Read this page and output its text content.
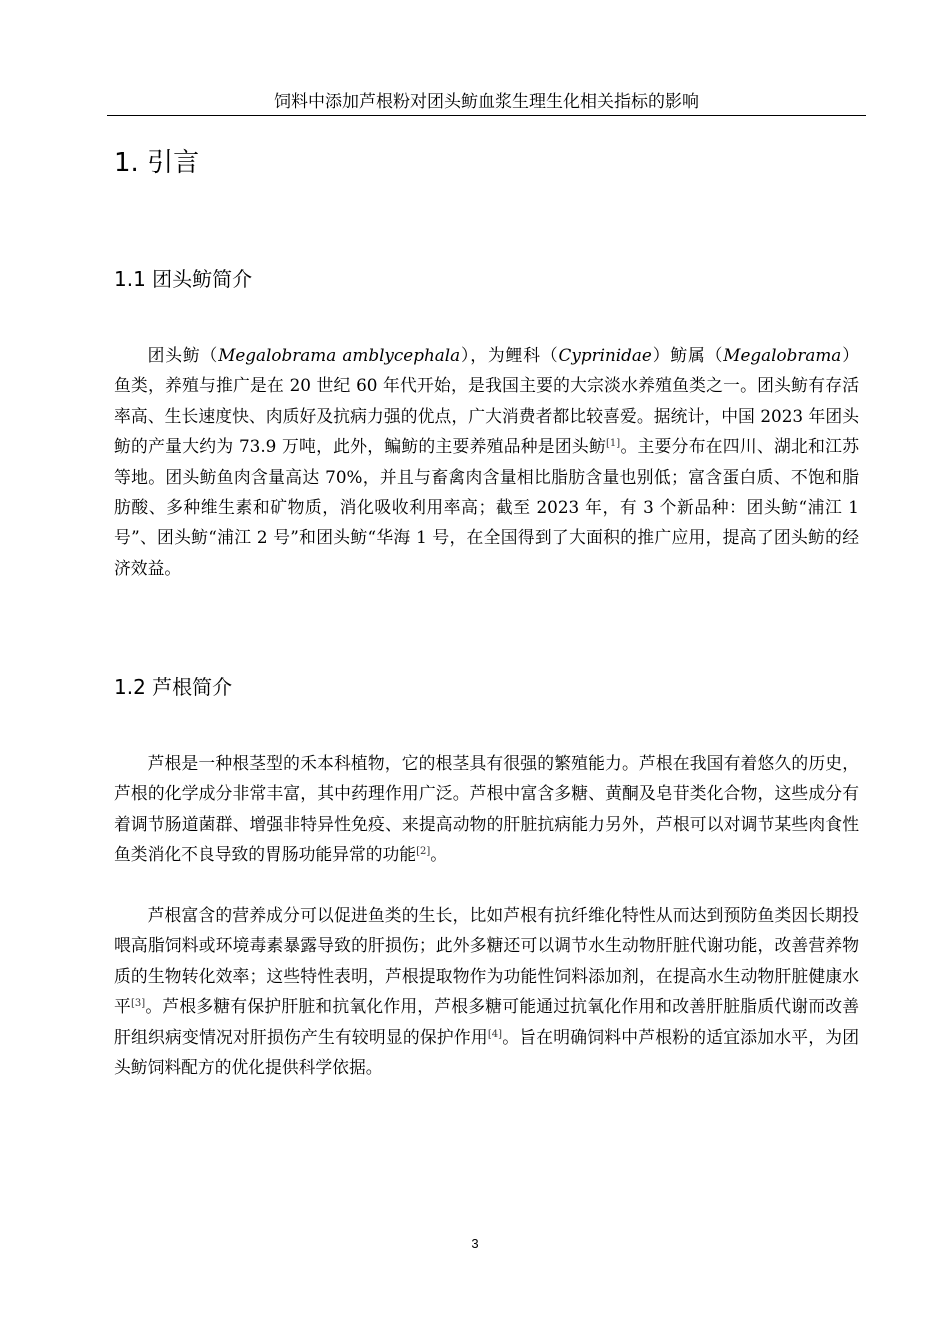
饲料中添加芦根粉对团头鲂血浆生理生化相关指标的影响
1. 引言
1.1 团头鲂简介

团头鲂（Megalobrama amblycephala），为鲤科（Cyprinidae）鲂属（Megalobrama）鱼类，养殖与推广是在 20 世纪 60 年代开始，是我国主要的大宗淡水养殖鱼类之一。团头鲂有存活率高、生长速度快、肉质好及抗病力强的优点，广大消费者都比较喜爱。据统计，中国 2023 年团头鲂的产量大约为 73.9 万吨，此外，鳊鲂的主要养殖品种是团头鲂[1]。主要分布在四川、湖北和江苏等地。团头鲂鱼肉含量高达 70%，并且与畜禽肉含量相比脂肪含量也别低；富含蛋白质、不饱和脂肪酸、多种维生素和矿物质，消化吸收利用率高；截至 2023 年，有 3 个新品种：团头鲂“浦江 1 号”、团头鲂“浦江 2 号”和团头鲂“华海 1 号，在全国得到了大面积的推广应用，提高了团头鲂的经济效益。

1.2 芦根简介

芦根是一种根茎型的禾本科植物，它的根茎具有很强的繁殖能力。芦根在我国有着悠久的历史，芦根的化学成分非常丰富，其中药理作用广泛。芦根中富含多糖、黄酮及皂苷类化合物，这些成分有着调节肠道菌群、增强非特异性免疫、来提高动物的肝脏抗病能力另外，芦根可以对调节某些肉食性鱼类消化不良导致的胃肠功能异常的功能[2]。

芦根富含的营养成分可以促进鱼类的生长，比如芦根有抗纤维化特性从而达到预防鱼类因长期投喂高脂饲料或环境毒素暴露导致的肝损伤；此外多糖还可以调节水生动物肝脏代谢功能，改善营养物质的生物转化效率；这些特性表明，芦根提取物作为功能性饲料添加剂，在提高水生动物肝脏健康水平[3]。芦根多糖有保护肝脏和抗氧化作用，芦根多糖可能通过抗氧化作用和改善肝脏脂质代谢而改善肝组织病变情况对肝损伤产生有较明显的保护作用[4]。旨在明确饲料中芦根粉的适宜添加水平，为团头鲂饲料配方的优化提供科学依据。

3
